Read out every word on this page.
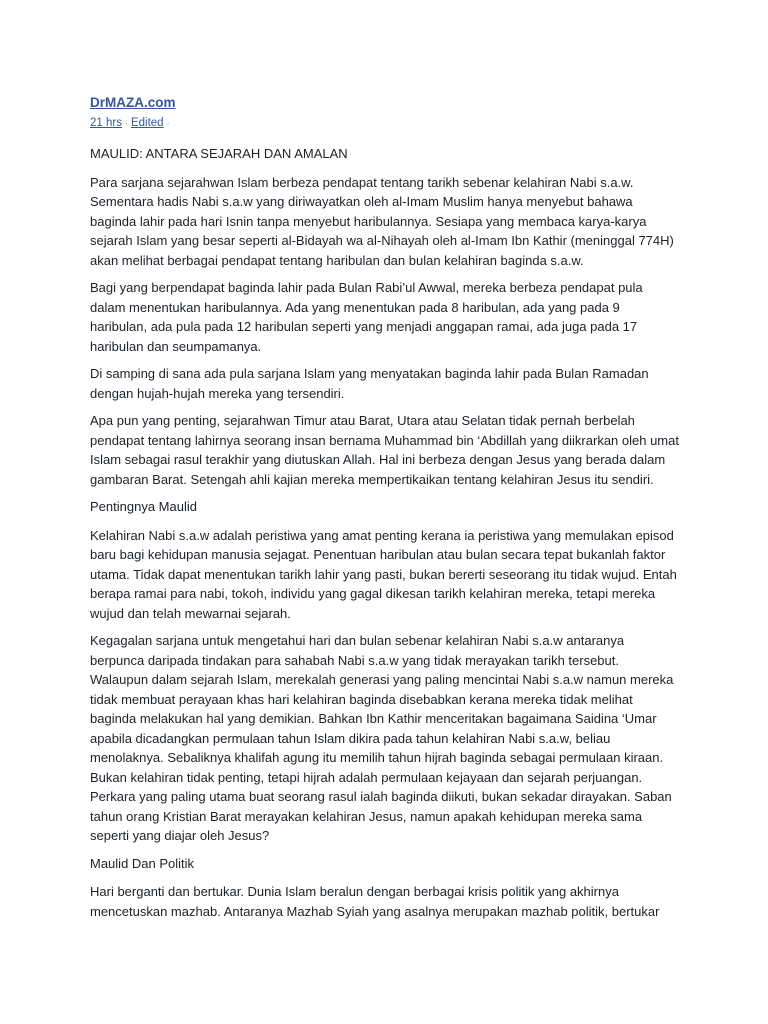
DrMAZA.com
21 hrs · Edited ·

MAULID: ANTARA SEJARAH DAN AMALAN

Para sarjana sejarahwan Islam berbeza pendapat tentang tarikh sebenar kelahiran Nabi s.a.w. Sementara hadis Nabi s.a.w yang diriwayatkan oleh al-Imam Muslim hanya menyebut bahawa baginda lahir pada hari Isnin tanpa menyebut haribulannya. Sesiapa yang membaca karya-karya sejarah Islam yang besar seperti al-Bidayah wa al-Nihayah oleh al-Imam Ibn Kathir (meninggal 774H) akan melihat berbagai pendapat tentang haribulan dan bulan kelahiran baginda s.a.w.

Bagi yang berpendapat baginda lahir pada Bulan Rabi’ul Awwal, mereka berbeza pendapat pula dalam menentukan haribulannya. Ada yang menentukan pada 8 haribulan, ada yang pada 9 haribulan, ada pula pada 12 haribulan seperti yang menjadi anggapan ramai, ada juga pada 17 haribulan dan seumpamanya.

Di samping di sana ada pula sarjana Islam yang menyatakan baginda lahir pada Bulan Ramadan dengan hujah-hujah mereka yang tersendiri.

Apa pun yang penting, sejarahwan Timur atau Barat, Utara atau Selatan tidak pernah berbelah pendapat tentang lahirnya seorang insan bernama Muhammad bin ‘Abdillah yang diikrarkan oleh umat Islam sebagai rasul terakhir yang diutuskan Allah. Hal ini berbeza dengan Jesus yang berada dalam gambaran Barat. Setengah ahli kajian mereka mempertikaikan tentang kelahiran Jesus itu sendiri.

Pentingnya Maulid

Kelahiran Nabi s.a.w adalah peristiwa yang amat penting kerana ia peristiwa yang memulakan episod baru bagi kehidupan manusia sejagat. Penentuan haribulan atau bulan secara tepat bukanlah faktor utama. Tidak dapat menentukan tarikh lahir yang pasti, bukan bererti seseorang itu tidak wujud. Entah berapa ramai para nabi, tokoh, individu yang gagal dikesan tarikh kelahiran mereka, tetapi mereka wujud dan telah mewarnai sejarah.

Kegagalan sarjana untuk mengetahui hari dan bulan sebenar kelahiran Nabi s.a.w antaranya berpunca daripada tindakan para sahabah Nabi s.a.w yang tidak merayakan tarikh tersebut. Walaupun dalam sejarah Islam, merekalah generasi yang paling mencintai Nabi s.a.w namun mereka tidak membuat perayaan khas hari kelahiran baginda disebabkan kerana mereka tidak melihat baginda melakukan hal yang demikian. Bahkan Ibn Kathir menceritakan bagaimana Saidina ‘Umar apabila dicadangkan permulaan tahun Islam dikira pada tahun kelahiran Nabi s.a.w, beliau menolaknya. Sebaliknya khalifah agung itu memilih tahun hijrah baginda sebagai permulaan kiraan. Bukan kelahiran tidak penting, tetapi hijrah adalah permulaan kejayaan dan sejarah perjuangan. Perkara yang paling utama buat seorang rasul ialah baginda diikuti, bukan sekadar dirayakan. Saban tahun orang Kristian Barat merayakan kelahiran Jesus, namun apakah kehidupan mereka sama seperti yang diajar oleh Jesus?

Maulid Dan Politik

Hari berganti dan bertukar. Dunia Islam beralun dengan berbagai krisis politik yang akhirnya mencetuskan mazhab. Antaranya Mazhab Syiah yang asalnya merupakan mazhab politik, bertukar
